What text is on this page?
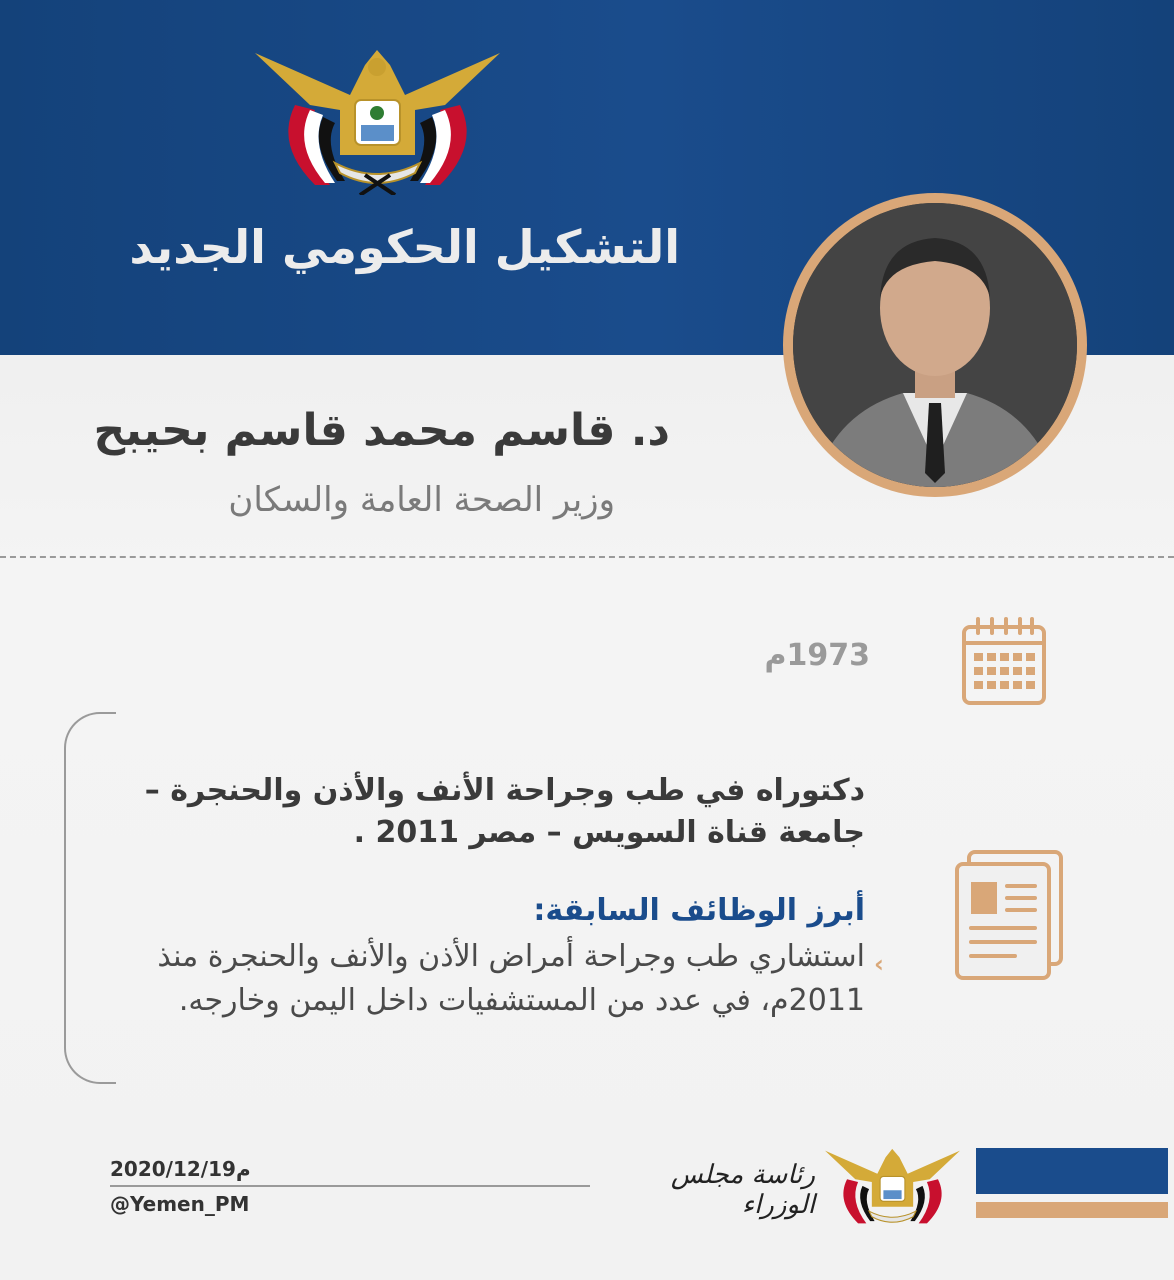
التشكيل الحكومي الجديد
د. قاسم محمد قاسم بحيبح
وزير الصحة العامة والسكان
1973م
دكتوراه في طب وجراحة الأنف والأذن والحنجرة – جامعة قناة السويس – مصر 2011 .
أبرز الوظائف السابقة:
‹
استشاري طب وجراحة أمراض الأذن والأنف والحنجرة منذ 2011م، في عدد من المستشفيات داخل اليمن وخارجه.
2020/12/19م
@Yemen_PM
رئاسة مجلس الوزراء
